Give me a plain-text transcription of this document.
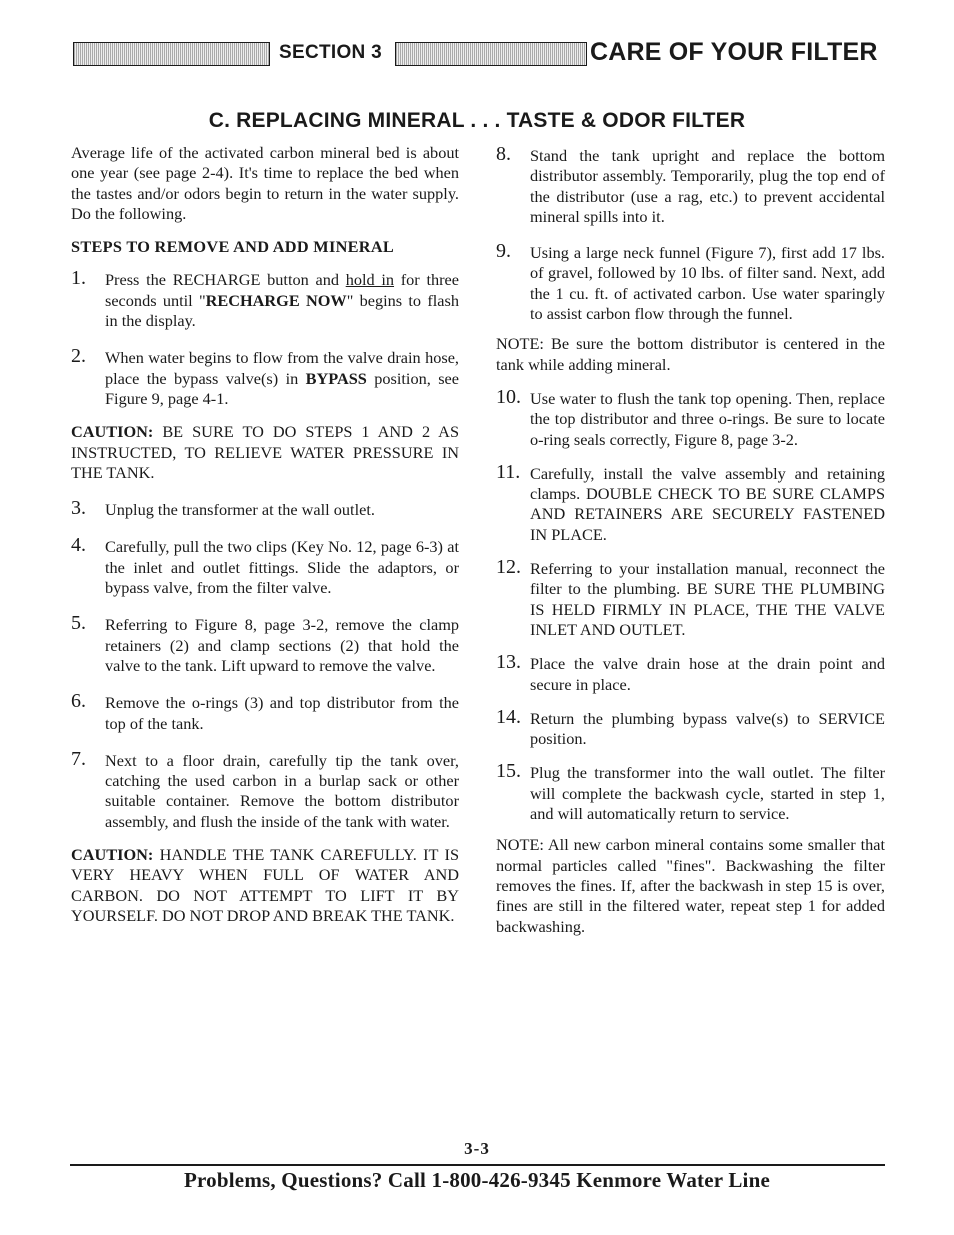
SECTION 3	CARE OF YOUR FILTER
C. REPLACING MINERAL . . . TASTE & ODOR FILTER

Average life of the activated carbon mineral bed is about one year (see page 2-4). It's time to replace the bed when the tastes and/or odors begin to return in the water supply. Do the following.

STEPS TO REMOVE AND ADD MINERAL

1. Press the RECHARGE button and hold in for three seconds until "RECHARGE NOW" begins to flash in the display.
2. When water begins to flow from the valve drain hose, place the bypass valve(s) in BYPASS position, see Figure 9, page 4-1.

CAUTION: BE SURE TO DO STEPS 1 AND 2 AS INSTRUCTED, TO RELIEVE WATER PRESSURE IN THE TANK.

3. Unplug the transformer at the wall outlet.
4. Carefully, pull the two clips (Key No. 12, page 6-3) at the inlet and outlet fittings. Slide the adaptors, or bypass valve, from the filter valve.
5. Referring to Figure 8, page 3-2, remove the clamp retainers (2) and clamp sections (2) that hold the valve to the tank. Lift upward to remove the valve.
6. Remove the o-rings (3) and top distributor from the top of the tank.
7. Next to a floor drain, carefully tip the tank over, catching the used carbon in a burlap sack or other suitable container. Remove the bottom distributor assembly, and flush the inside of the tank with water.

CAUTION: HANDLE THE TANK CAREFULLY. IT IS VERY HEAVY WHEN FULL OF WATER AND CARBON. DO NOT ATTEMPT TO LIFT IT BY YOURSELF. DO NOT DROP AND BREAK THE TANK.

8. Stand the tank upright and replace the bottom distributor assembly. Temporarily, plug the top end of the distributor (use a rag, etc.) to prevent accidental mineral spills into it.
9. Using a large neck funnel (Figure 7), first add 17 lbs. of gravel, followed by 10 lbs. of filter sand. Next, add the 1 cu. ft. of activated carbon. Use water sparingly to assist carbon flow through the funnel.

NOTE: Be sure the bottom distributor is centered in the tank while adding mineral.

10. Use water to flush the tank top opening. Then, replace the top distributor and three o-rings. Be sure to locate o-ring seals correctly, Figure 8, page 3-2.
11. Carefully, install the valve assembly and retaining clamps. DOUBLE CHECK TO BE SURE CLAMPS AND RETAINERS ARE SECURELY FASTENED IN PLACE.
12. Referring to your installation manual, reconnect the filter to the plumbing. BE SURE THE PLUMBING IS HELD FIRMLY IN PLACE, THE THE VALVE INLET AND OUTLET.
13. Place the valve drain hose at the drain point and secure in place.
14. Return the plumbing bypass valve(s) to SERVICE position.
15. Plug the transformer into the wall outlet. The filter will complete the backwash cycle, started in step 1, and will automatically return to service.

NOTE: All new carbon mineral contains some smaller that normal particles called "fines". Backwashing the filter removes the fines. If, after the backwash in step 15 is over, fines are still in the filtered water, repeat step 1 for added backwashing.

3-3
Problems, Questions? Call 1-800-426-9345 Kenmore Water Line
